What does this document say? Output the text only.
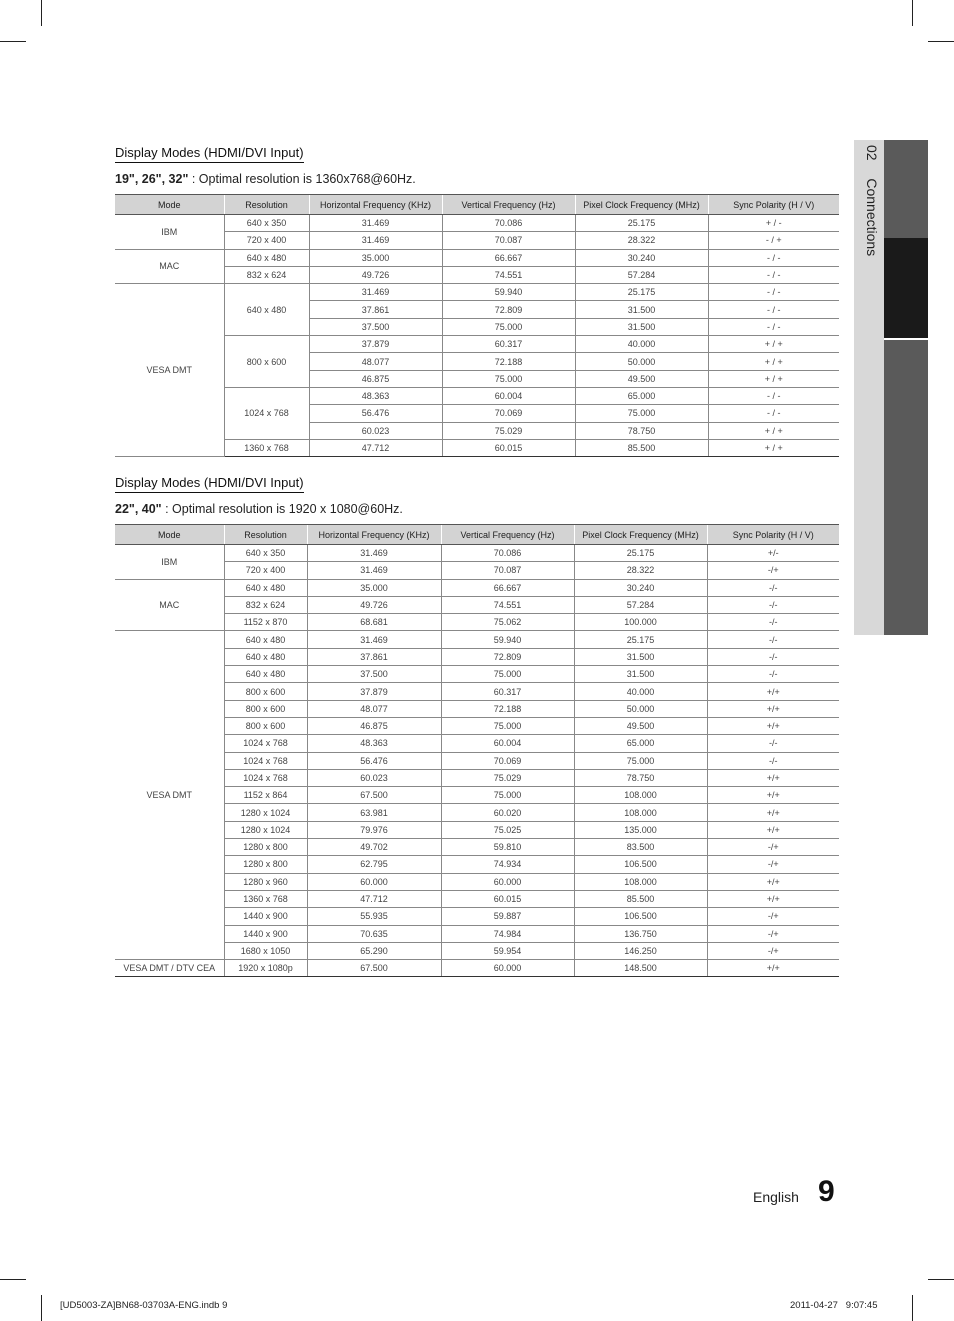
Display Modes (HDMI/DVI Input)
19", 26", 32" : Optimal resolution is 1360x768@60Hz.
Mode	Resolution	Horizontal Frequency (KHz)	Vertical Frequency (Hz)	Pixel Clock Frequency (MHz)	Sync Polarity (H / V)
IBM	640 x 350	31.469	70.086	25.175	+ / -
	720 x 400	31.469	70.087	28.322	- / +
MAC	640 x 480	35.000	66.667	30.240	- / -
	832 x 624	49.726	74.551	57.284	- / -
VESA DMT	640 x 480	31.469	59.940	25.175	- / -
		37.861	72.809	31.500	- / -
		37.500	75.000	31.500	- / -
	800 x 600	37.879	60.317	40.000	+ / +
		48.077	72.188	50.000	+ / +
		46.875	75.000	49.500	+ / +
	1024 x 768	48.363	60.004	65.000	- / -
		56.476	70.069	75.000	- / -
		60.023	75.029	78.750	+ / +
	1360 x 768	47.712	60.015	85.500	+ / +
Display Modes (HDMI/DVI Input)
22", 40" : Optimal resolution is 1920 x 1080@60Hz.
Mode	Resolution	Horizontal Frequency (KHz)	Vertical Frequency (Hz)	Pixel Clock Frequency (MHz)	Sync Polarity (H / V)
IBM	640 x 350	31.469	70.086	25.175	+/-
	720 x 400	31.469	70.087	28.322	-/+
MAC	640 x 480	35.000	66.667	30.240	-/-
	832 x 624	49.726	74.551	57.284	-/-
	1152 x 870	68.681	75.062	100.000	-/-
VESA DMT	640 x 480	31.469	59.940	25.175	-/-
	640 x 480	37.861	72.809	31.500	-/-
	640 x 480	37.500	75.000	31.500	-/-
	800 x 600	37.879	60.317	40.000	+/+
	800 x 600	48.077	72.188	50.000	+/+
	800 x 600	46.875	75.000	49.500	+/+
	1024 x 768	48.363	60.004	65.000	-/-
	1024 x 768	56.476	70.069	75.000	-/-
	1024 x 768	60.023	75.029	78.750	+/+
	1152 x 864	67.500	75.000	108.000	+/+
	1280 x 1024	63.981	60.020	108.000	+/+
	1280 x 1024	79.976	75.025	135.000	+/+
	1280 x 800	49.702	59.810	83.500	-/+
	1280 x 800	62.795	74.934	106.500	-/+
	1280 x 960	60.000	60.000	108.000	+/+
	1360 x 768	47.712	60.015	85.500	+/+
	1440 x 900	55.935	59.887	106.500	-/+
	1440 x 900	70.635	74.984	136.750	-/+
	1680 x 1050	65.290	59.954	146.250	-/+
VESA DMT / DTV CEA	1920 x 1080p	67.500	60.000	148.500	+/+
02  Connections
English 9
[UD5003-ZA]BN68-03703A-ENG.indb 9	2011-04-27   9:07:45
